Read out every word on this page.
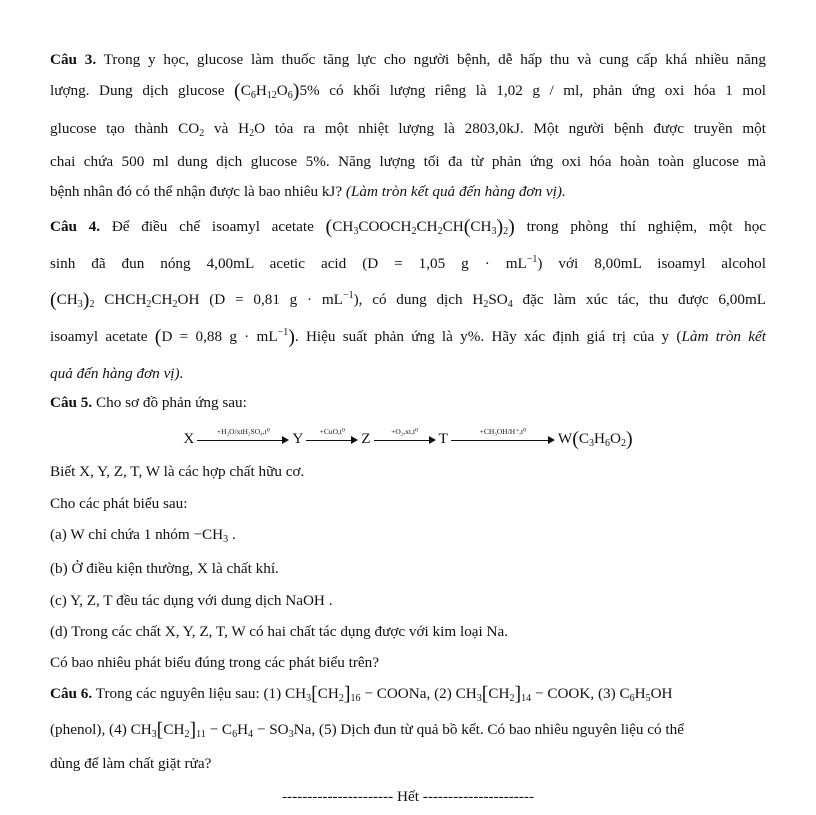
Câu 3. Trong y học, glucose làm thuốc tăng lực cho người bệnh, dễ hấp thu và cung cấp khá nhiều năng
lượng. Dung dịch glucose $(C_6H_{12}O_6)5\%$ có khối lượng riêng là 1,02 g / ml, phản ứng oxi hóa 1 mol
glucose tạo thành $CO_2$ và $H_2O$ tỏa ra một nhiệt lượng là 2803,0kJ. Một người bệnh được truyền một
chai chứa 500 ml dung dịch glucose 5%. Năng lượng tối đa từ phản ứng oxi hóa hoàn toàn glucose mà
bệnh nhân đó có thể nhận được là bao nhiêu kJ? (Làm tròn kết quả đến hàng đơn vị).
Câu 4. Để điều chế isoamyl acetate $(CH_3COOCH_2CH_2CH(CH_3)_2)$ trong phòng thí nghiệm, một học
sinh đã đun nóng 4,00mL acetic acid (D = 1,05 $g \cdot mL^{-1}$) với 8,00mL isoamyl alcohol
$(CH_3)_2$ $CHCH_2CH_2OH$ (D = 0,81 $g \cdot mL^{-1}$), có dung dịch $H_2SO_4$ đặc làm xúc tác, thu được 6,00mL
isoamyl acetate (D = 0,88 $g \cdot mL^{-1}$). Hiệu suất phản ứng là y%. Hãy xác định giá trị của y (Làm tròn kết
quả đến hàng đơn vị).
Câu 5. Cho sơ đồ phản ứng sau:
X	+H₂O/xtH₂SO₄,t⁰ Y	+CuO,t⁰ Z	+O₂,xt,t⁰ T	+CH₃OH/H⁺,t⁰ $W(C_3H_6O_2)$
Biết X, Y, Z, T, W là các hợp chất hữu cơ.
Cho các phát biểu sau:
(a) W chỉ chứa 1 nhóm $-CH_3$ .
(b) Ở điều kiện thường, X là chất khí.
(c) Y, Z, T đều tác dụng với dung dịch NaOH .
(d) Trong các chất X, Y, Z, T, W có hai chất tác dụng được với kim loại Na.
Có bao nhiêu phát biểu đúng trong các phát biểu trên?
Câu 6. Trong các nguyên liệu sau: (1) $CH_3[CH_2]_{16}$ − COONa, (2) $CH_3[CH_2]_{14}$ − COOK, (3) $C_6H_5OH$
(phenol), (4) $CH_3[CH_2]_{11} - C_6H_4 - SO_3Na$, (5) Dịch đun từ quả bồ kết. Có bao nhiêu nguyên liệu có thể
dùng để làm chất giặt rửa?
---------------------- Hết ----------------------
